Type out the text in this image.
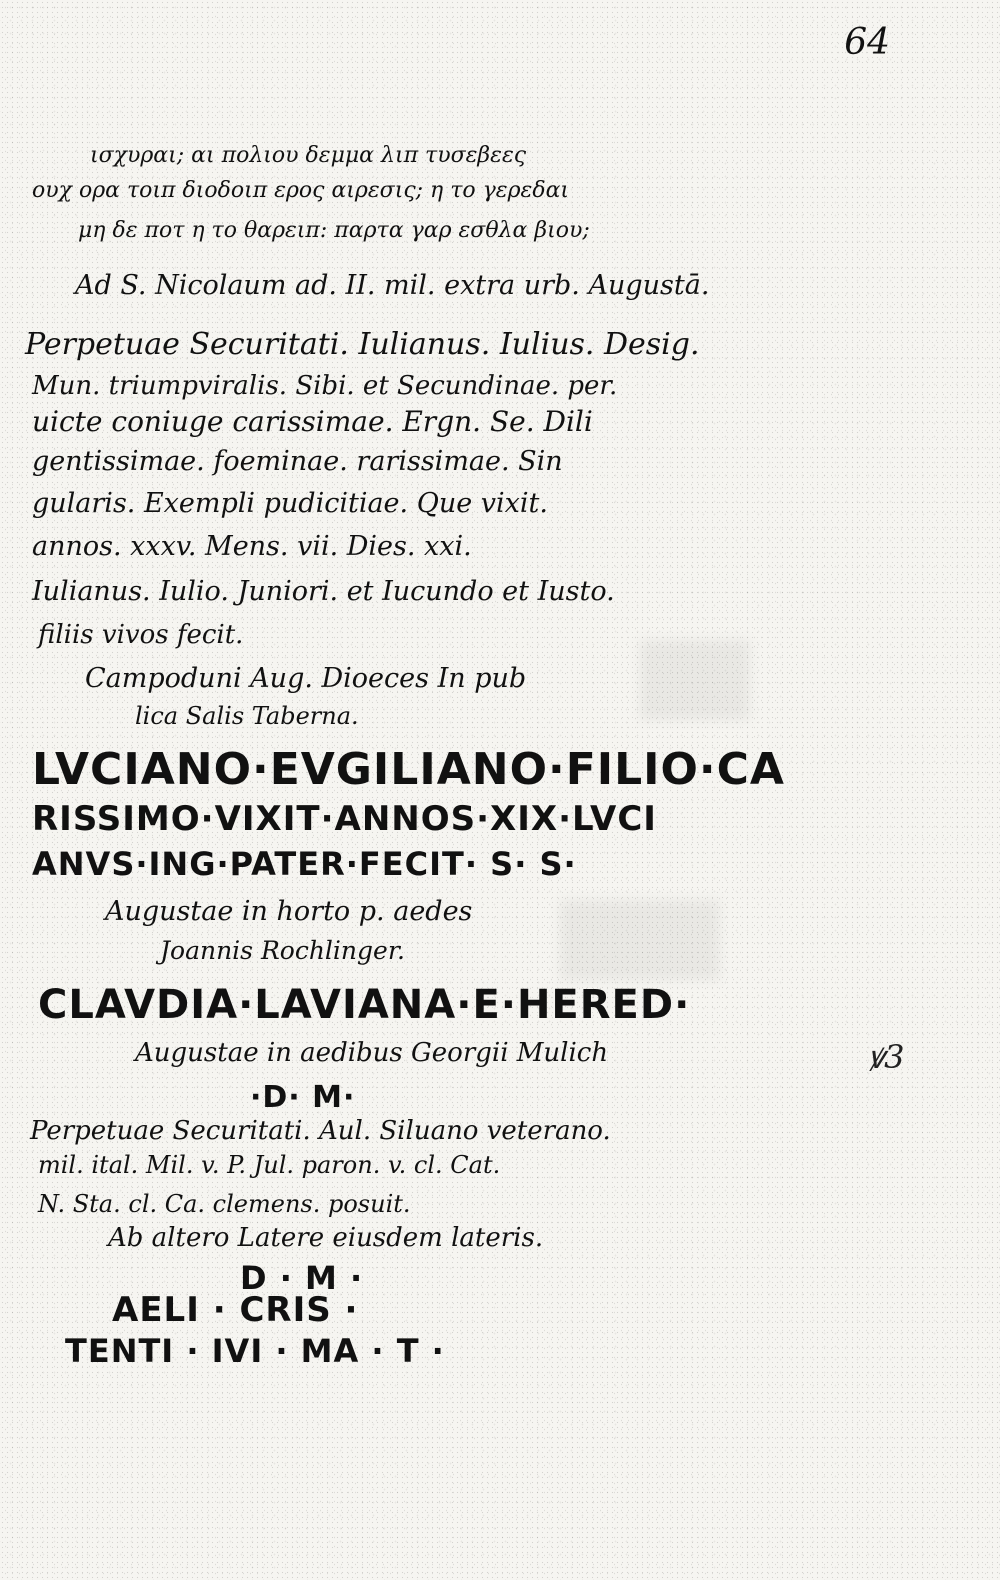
64
ꝟ3
ισχυραι; αι πολιου δεμμα λιπ τυσεβεες
ουχ ορα τοιπ διοδοιπ ερος αιρεσις; η το γερεδαι
μη δε ποτ η το θαρειπ: παρτα γαρ εσθλα βιου;
Ad S. Nicolaum ad. II. mil. extra urb. Augustā.
Perpetuae Securitati. Iulianus. Iulius. Desig.
Mun. triumpviralis. Sibi. et Secundinae. per.
uicte coniuge carissimae. Ergn. Se. Dili
gentissimae. foeminae. rarissimae. Sin
gularis. Exempli pudicitiae. Que vixit.
annos. xxxv. Mens. vii. Dies. xxi.
Iulianus. Iulio. Juniori. et Iucundo et Iusto.
filiis vivos fecit.
Campoduni Aug. Dioeces In pub
lica Salis Taberna.
LVCIANO·EVGILIANO·FILIO·CA
RISSIMO·VIXIT·ANNOS·XIX·LVCI
ANVS·ING·PATER·FECIT· S· S·
Augustae in horto p. aedes
Joannis Rochlinger.
CLAVDIA·LAVIANA·E·HERED·
Augustae in aedibus Georgii Mulich
·D· M·
Perpetuae Securitati. Aul. Siluano veterano.
mil. ital. Mil. v. P. Jul. paron. v. cl. Cat.
N. Sta. cl. Ca. clemens. posuit.
Ab altero Latere eiusdem lateris.
D · M ·
AELI · CRIS ·
TENTI · IVI · MA · T ·
